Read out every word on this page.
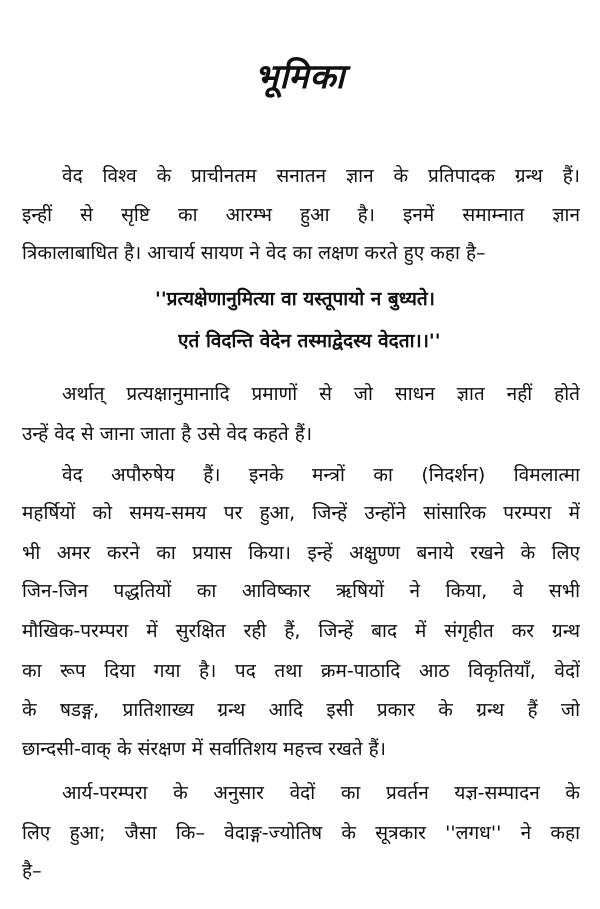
भूमिका
वेद विश्व के प्राचीनतम सनातन ज्ञान के प्रतिपादक ग्रन्थ हैं।
इन्हीं से सृष्टि का आरम्भ हुआ है। इनमें समाम्नात ज्ञान
त्रिकालाबाधित है। आचार्य सायण ने वेद का लक्षण करते हुए कहा है–
''प्रत्यक्षेणानुमित्या वा यस्तूपायो न बुध्यते।
एतं विदन्ति वेदेन तस्माद्वेदस्य वेदता।।''
अर्थात् प्रत्यक्षानुमानादि प्रमाणों से जो साधन ज्ञात नहीं होते
उन्हें वेद से जाना जाता है उसे वेद कहते हैं।
वेद अपौरुषेय हैं। इनके मन्त्रों का (निदर्शन) विमलात्मा
महर्षियों को समय-समय पर हुआ, जिन्हें उन्होंने सांसारिक परम्परा में
भी अमर करने का प्रयास किया। इन्हें अक्षुण्ण बनाये रखने के लिए
जिन-जिन पद्धतियों का आविष्कार ऋषियों ने किया, वे सभी
मौखिक-परम्परा में सुरक्षित रही हैं, जिन्हें बाद में संगृहीत कर ग्रन्थ
का रूप दिया गया है। पद तथा क्रम-पाठादि आठ विकृतियाँ, वेदों
के षडङ्ग, प्रातिशाख्य ग्रन्थ आदि इसी प्रकार के ग्रन्थ हैं जो
छान्दसी-वाक् के संरक्षण में सर्वातिशय महत्त्व रखते हैं।
आर्य-परम्परा के अनुसार वेदों का प्रवर्तन यज्ञ-सम्पादन के
लिए हुआ; जैसा कि– वेदाङ्ग-ज्योतिष के सूत्रकार ''लगध'' ने कहा
है–
